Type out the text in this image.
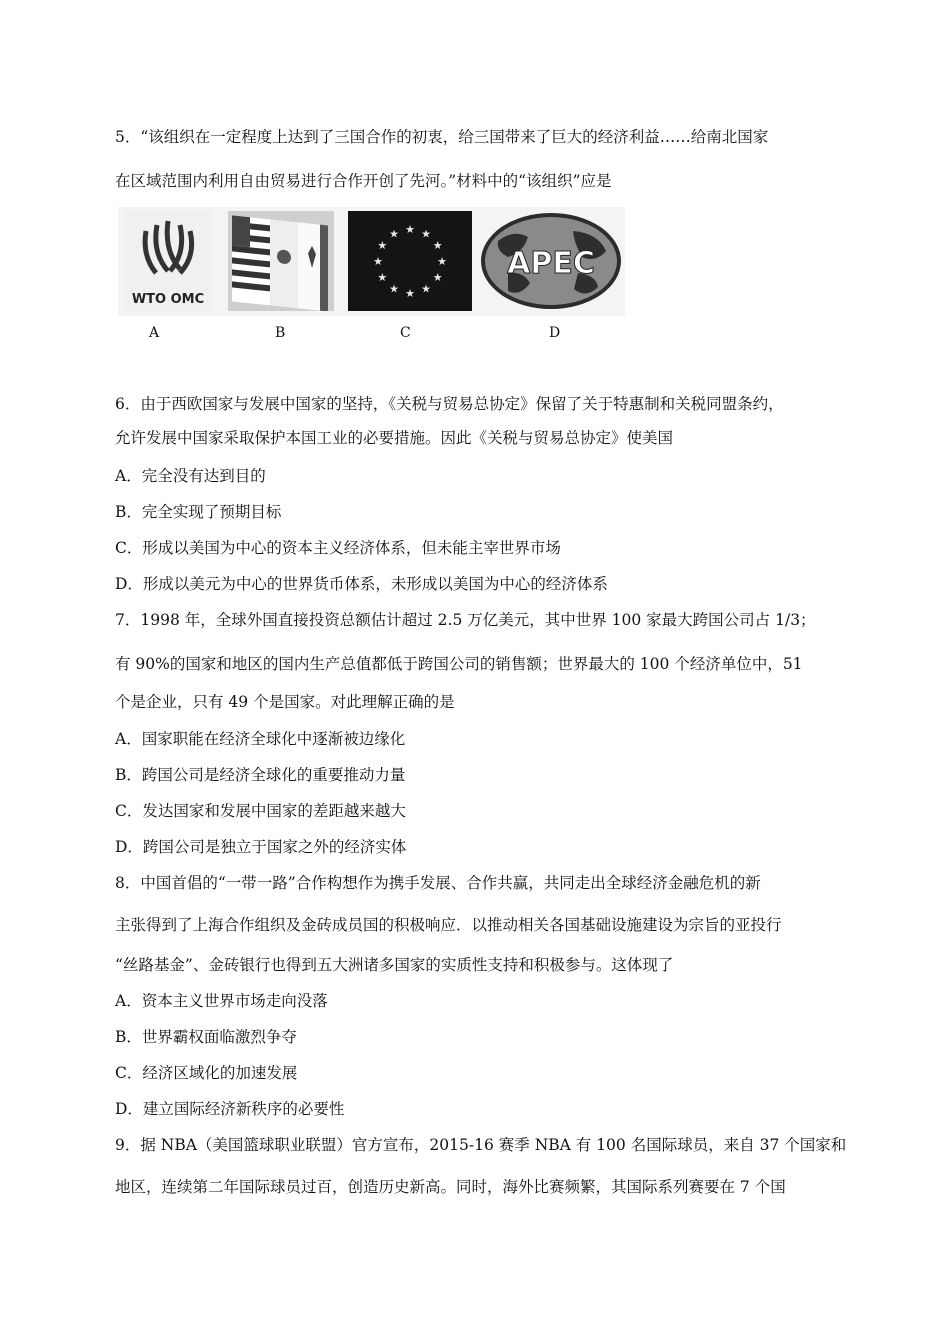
5．“该组织在一定程度上达到了三国合作的初衷，给三国带来了巨大的经济利益……给南北国家
在区域范围内利用自由贸易进行合作开创了先河。”材料中的“该组织”应是
WTO OMC
★ ★
★
★
★
★
★
★
★
★
★
★
APEC
A	B	C	D
6．由于西欧国家与发展中国家的坚持，《关税与贸易总协定》保留了关于特惠制和关税同盟条约，
允许发展中国家采取保护本国工业的必要措施。因此《关税与贸易总协定》使美国
A．完全没有达到目的
B．完全实现了预期目标
C．形成以美国为中心的资本主义经济体系，但未能主宰世界市场
D．形成以美元为中心的世界货币体系，未形成以美国为中心的经济体系
7．1998 年，全球外国直接投资总额估计超过 2.5 万亿美元，其中世界 100 家最大跨国公司占 1/3；
有 90%的国家和地区的国内生产总值都低于跨国公司的销售额；世界最大的 100 个经济单位中，51
个是企业，只有 49 个是国家。对此理解正确的是
A．国家职能在经济全球化中逐渐被边缘化
B．跨国公司是经济全球化的重要推动力量
C．发达国家和发展中国家的差距越来越大
D．跨国公司是独立于国家之外的经济实体
8．中国首倡的“一带一路”合作构想作为携手发展、合作共赢，共同走出全球经济金融危机的新
主张得到了上海合作组织及金砖成员国的积极响应．以推动相关各国基础设施建设为宗旨的亚投行
“丝路基金”、金砖银行也得到五大洲诸多国家的实质性支持和积极参与。这体现了
A．资本主义世界市场走向没落
B．世界霸权面临激烈争夺
C．经济区域化的加速发展
D．建立国际经济新秩序的必要性
9．据 NBA（美国篮球职业联盟）官方宣布，2015-16 赛季 NBA 有 100 名国际球员，来自 37 个国家和
地区，连续第二年国际球员过百，创造历史新高。同时，海外比赛频繁，其国际系列赛要在 7 个国
